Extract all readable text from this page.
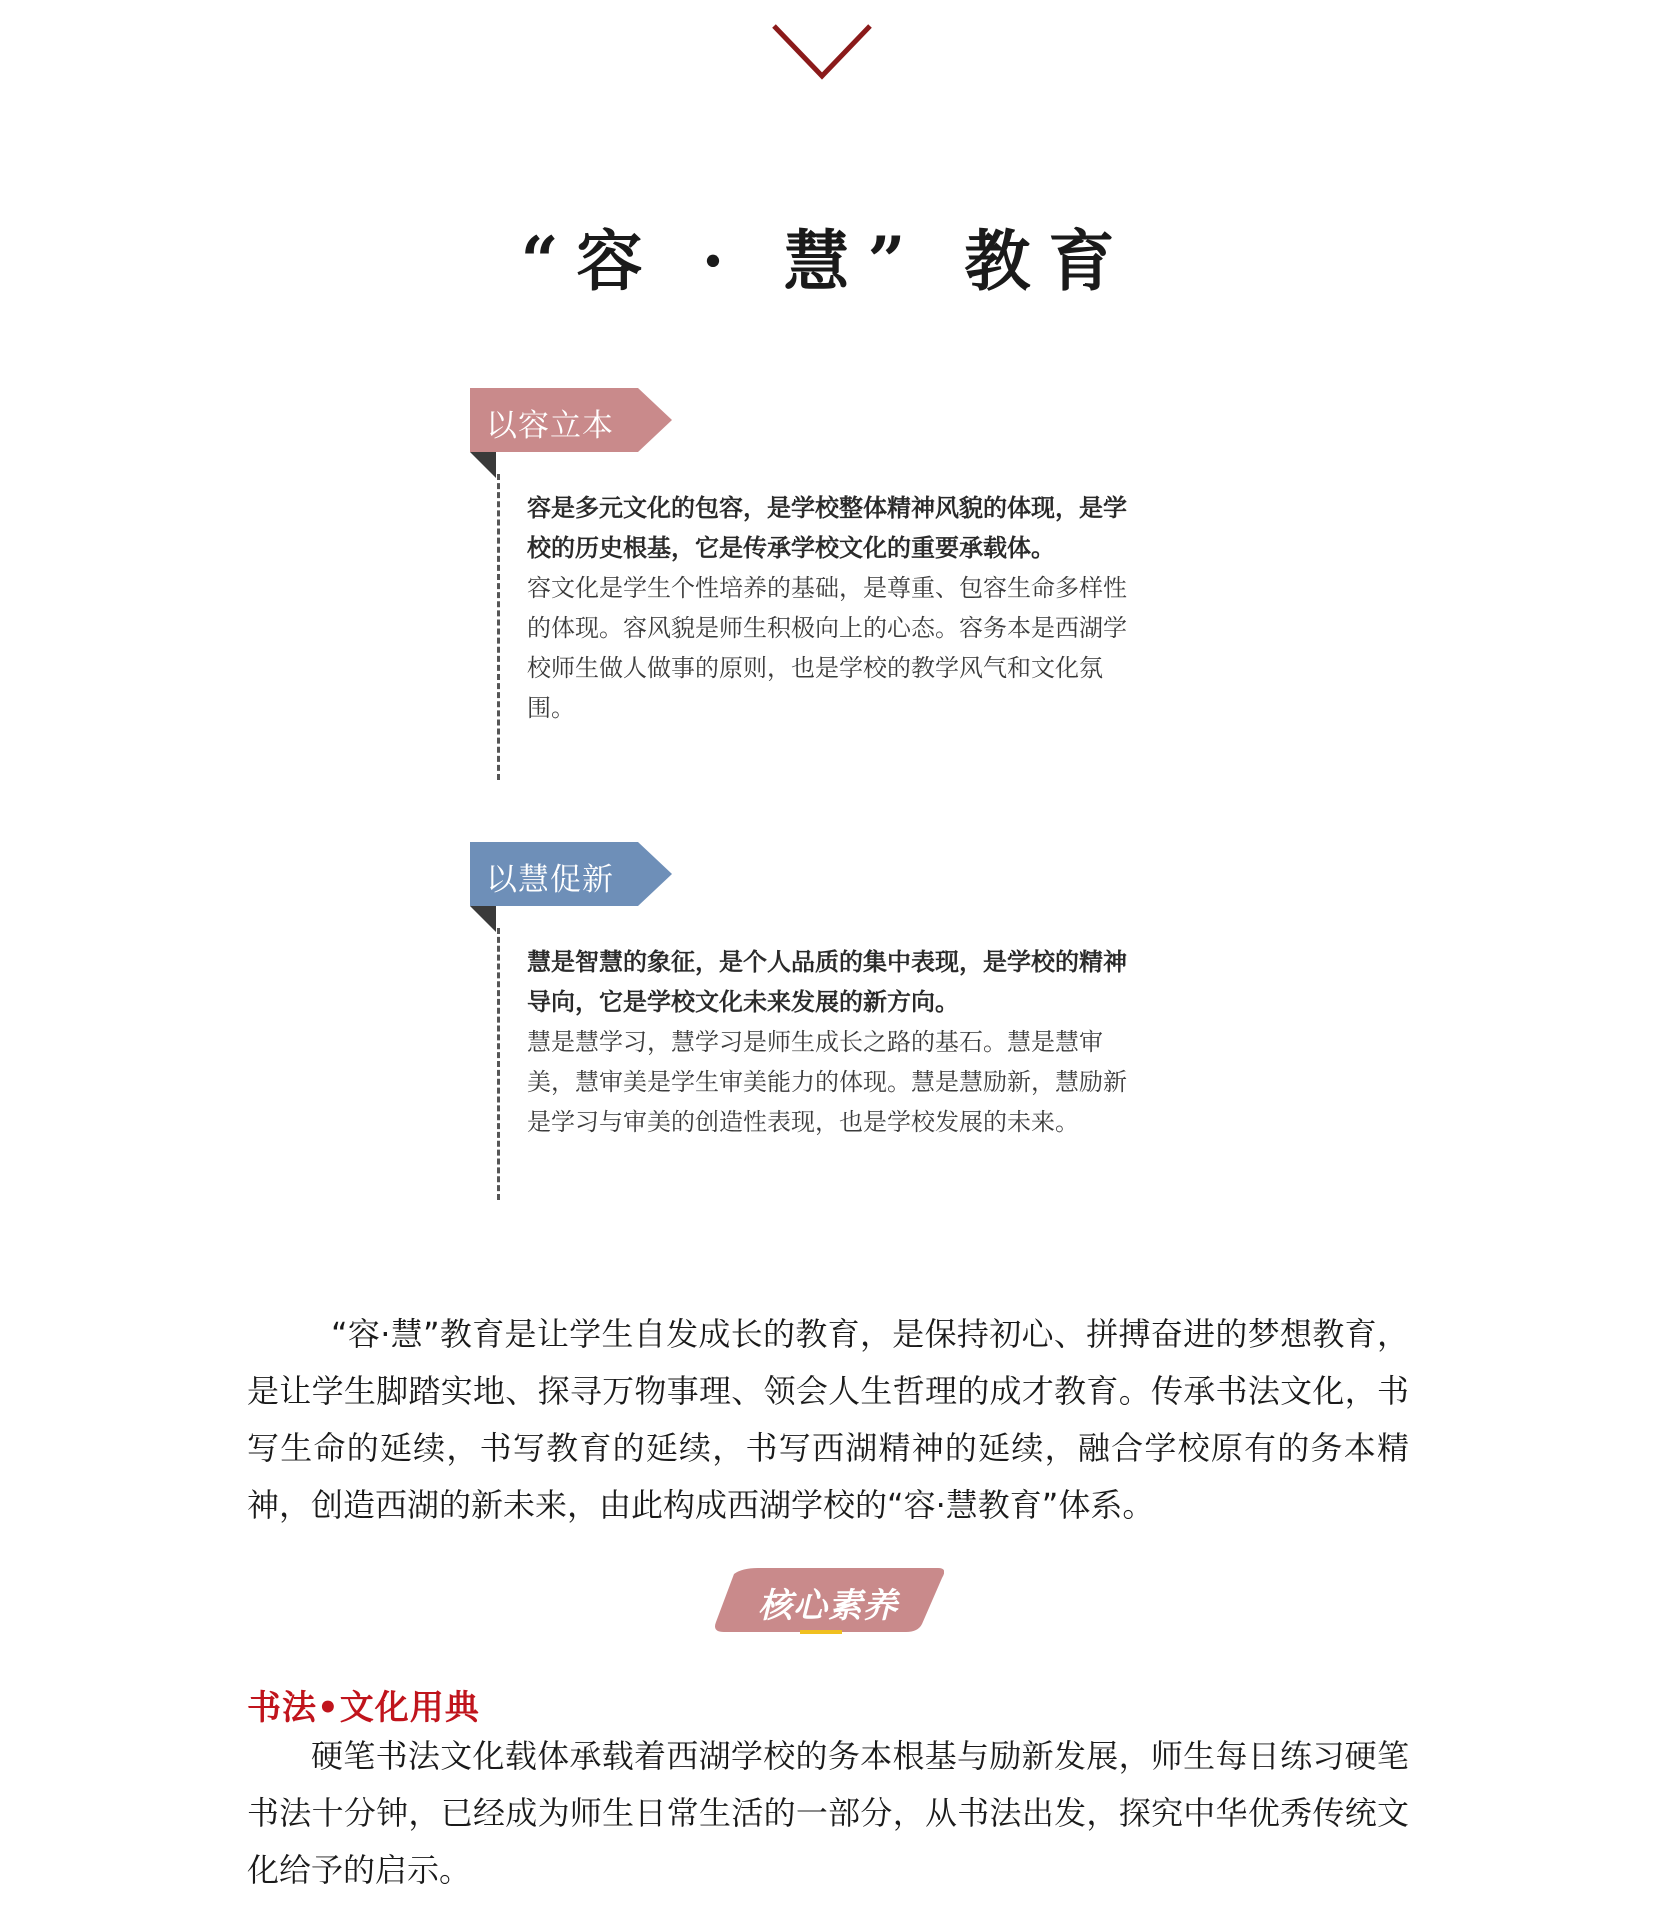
“容 · 慧” 教育
以容立本

容是多元文化的包容，是学校整体精神风貌的体现，是学校的历史根基，它是传承学校文化的重要承载体。

容文化是学生个性培养的基础，是尊重、包容生命多样性的体现。容风貌是师生积极向上的心态。容务本是西湖学校师生做人做事的原则，也是学校的教学风气和文化氛围。

以慧促新

慧是智慧的象征，是个人品质的集中表现，是学校的精神导向，它是学校文化未来发展的新方向。

慧是慧学习，慧学习是师生成长之路的基石。慧是慧审美，慧审美是学生审美能力的体现。慧是慧励新，慧励新是学习与审美的创造性表现，也是学校发展的未来。

“容·慧”教育是让学生自发成长的教育，是保持初心、拼搏奋进的梦想教育，是让学生脚踏实地、探寻万物事理、领会人生哲理的成才教育。传承书法文化，书写生命的延续，书写教育的延续，书写西湖精神的延续，融合学校原有的务本精神，创造西湖的新未来，由此构成西湖学校的“容·慧教育”体系。

核心素养
书法•文化用典

硬笔书法文化载体承载着西湖学校的务本根基与励新发展，师生每日练习硬笔书法十分钟，已经成为师生日常生活的一部分，从书法出发，探究中华优秀传统文化给予的启示。
